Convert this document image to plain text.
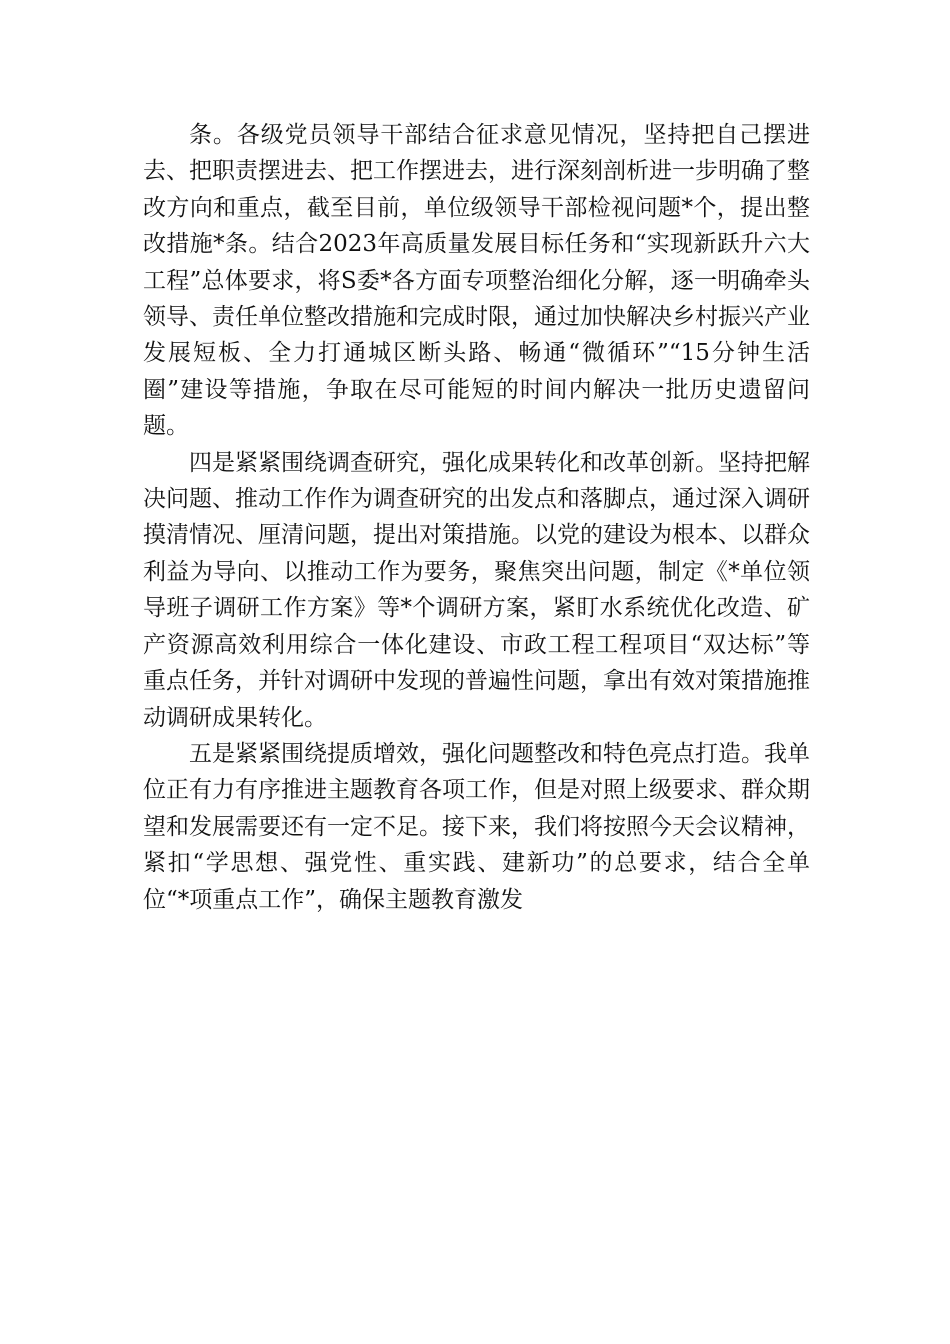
条。各级党员领导干部结合征求意见情况，坚持把自己摆进去、把职责摆进去、把工作摆进去，进行深刻剖析进一步明确了整改方向和重点，截至目前，单位级领导干部检视问题*个，提出整改措施*条。结合2023年高质量发展目标任务和“实现新跃升六大工程”总体要求，将S委*各方面专项整治细化分解，逐一明确牵头领导、责任单位整改措施和完成时限，通过加快解决乡村振兴产业发展短板、全力打通城区断头路、畅通“微循环”“15分钟生活圈”建设等措施，争取在尽可能短的时间内解决一批历史遗留问题。

四是紧紧围绕调查研究，强化成果转化和改革创新。坚持把解决问题、推动工作作为调查研究的出发点和落脚点，通过深入调研摸清情况、厘清问题，提出对策措施。以党的建设为根本、以群众利益为导向、以推动工作为要务，聚焦突出问题，制定《*单位领导班子调研工作方案》等*个调研方案，紧盯水系统优化改造、矿产资源高效利用综合一体化建设、市政工程工程项目“双达标”等重点任务，并针对调研中发现的普遍性问题，拿出有效对策措施推动调研成果转化。

五是紧紧围绕提质增效，强化问题整改和特色亮点打造。我单位正有力有序推进主题教育各项工作，但是对照上级要求、群众期望和发展需要还有一定不足。接下来，我们将按照今天会议精神，紧扣“学思想、强党性、重实践、建新功”的总要求，结合全单位“*项重点工作”，确保主题教育激发
